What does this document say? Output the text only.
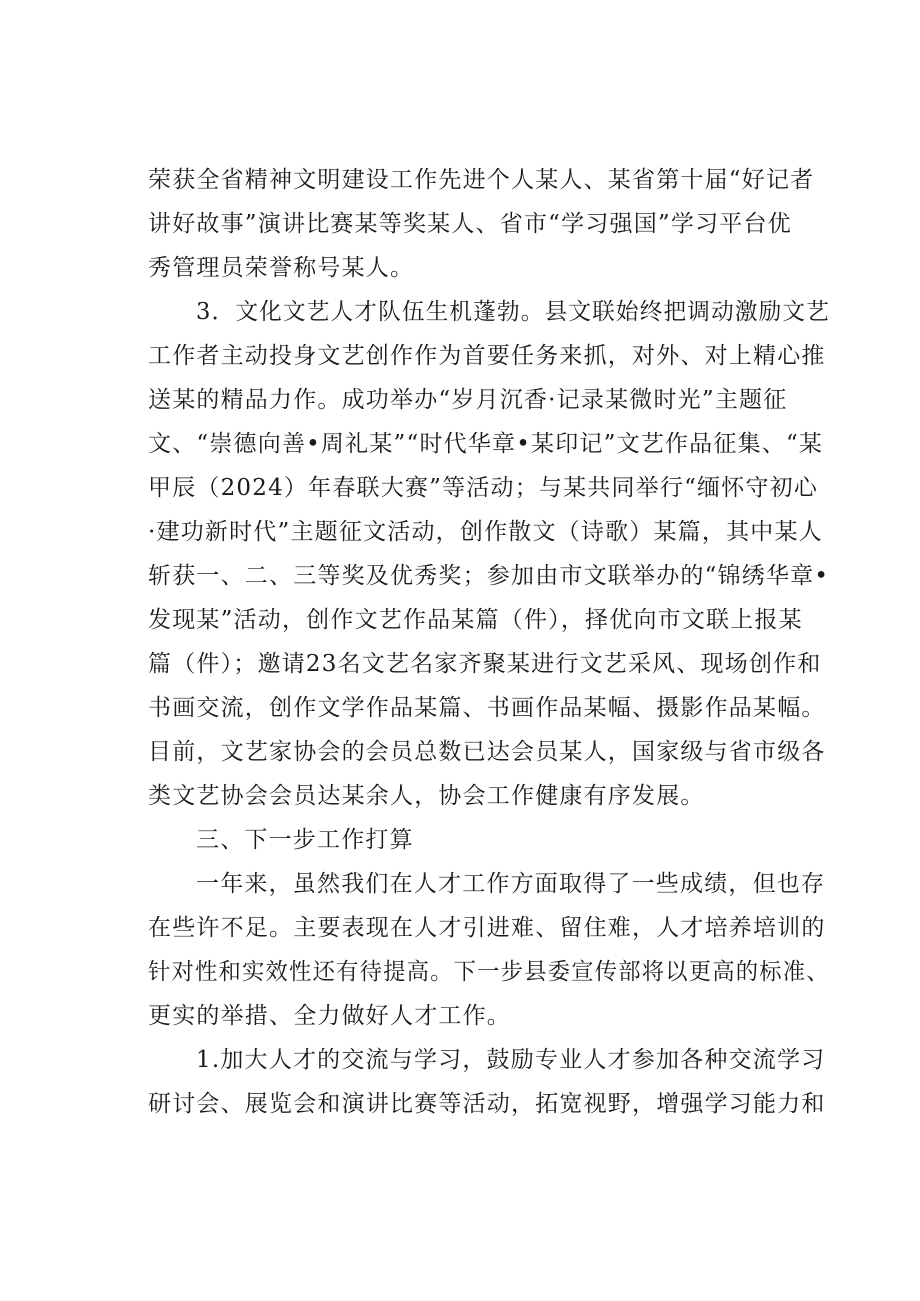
荣获全省精神文明建设工作先进个人某人、某省第十届“好记者
讲好故事”演讲比赛某等奖某人、省市“学习强国”学习平台优
秀管理员荣誉称号某人。
3．文化文艺人才队伍生机蓬勃。县文联始终把调动激励文艺
工作者主动投身文艺创作作为首要任务来抓，对外、对上精心推
送某的精品力作。成功举办“岁月沉香·记录某微时光”主题征
文、“崇德向善•周礼某”“时代华章•某印记”文艺作品征集、“某
甲辰（2024）年春联大赛”等活动；与某共同举行“缅怀守初心
·建功新时代”主题征文活动，创作散文（诗歌）某篇，其中某人
斩获一、二、三等奖及优秀奖；参加由市文联举办的“锦绣华章•
发现某”活动，创作文艺作品某篇（件），择优向市文联上报某
篇（件）；邀请23名文艺名家齐聚某进行文艺采风、现场创作和
书画交流，创作文学作品某篇、书画作品某幅、摄影作品某幅。
目前，文艺家协会的会员总数已达会员某人，国家级与省市级各
类文艺协会会员达某余人，协会工作健康有序发展。
三、下一步工作打算
一年来，虽然我们在人才工作方面取得了一些成绩，但也存
在些许不足。主要表现在人才引进难、留住难，人才培养培训的
针对性和实效性还有待提高。下一步县委宣传部将以更高的标准、
更实的举措、全力做好人才工作。
1.加大人才的交流与学习，鼓励专业人才参加各种交流学习
研讨会、展览会和演讲比赛等活动，拓宽视野，增强学习能力和
